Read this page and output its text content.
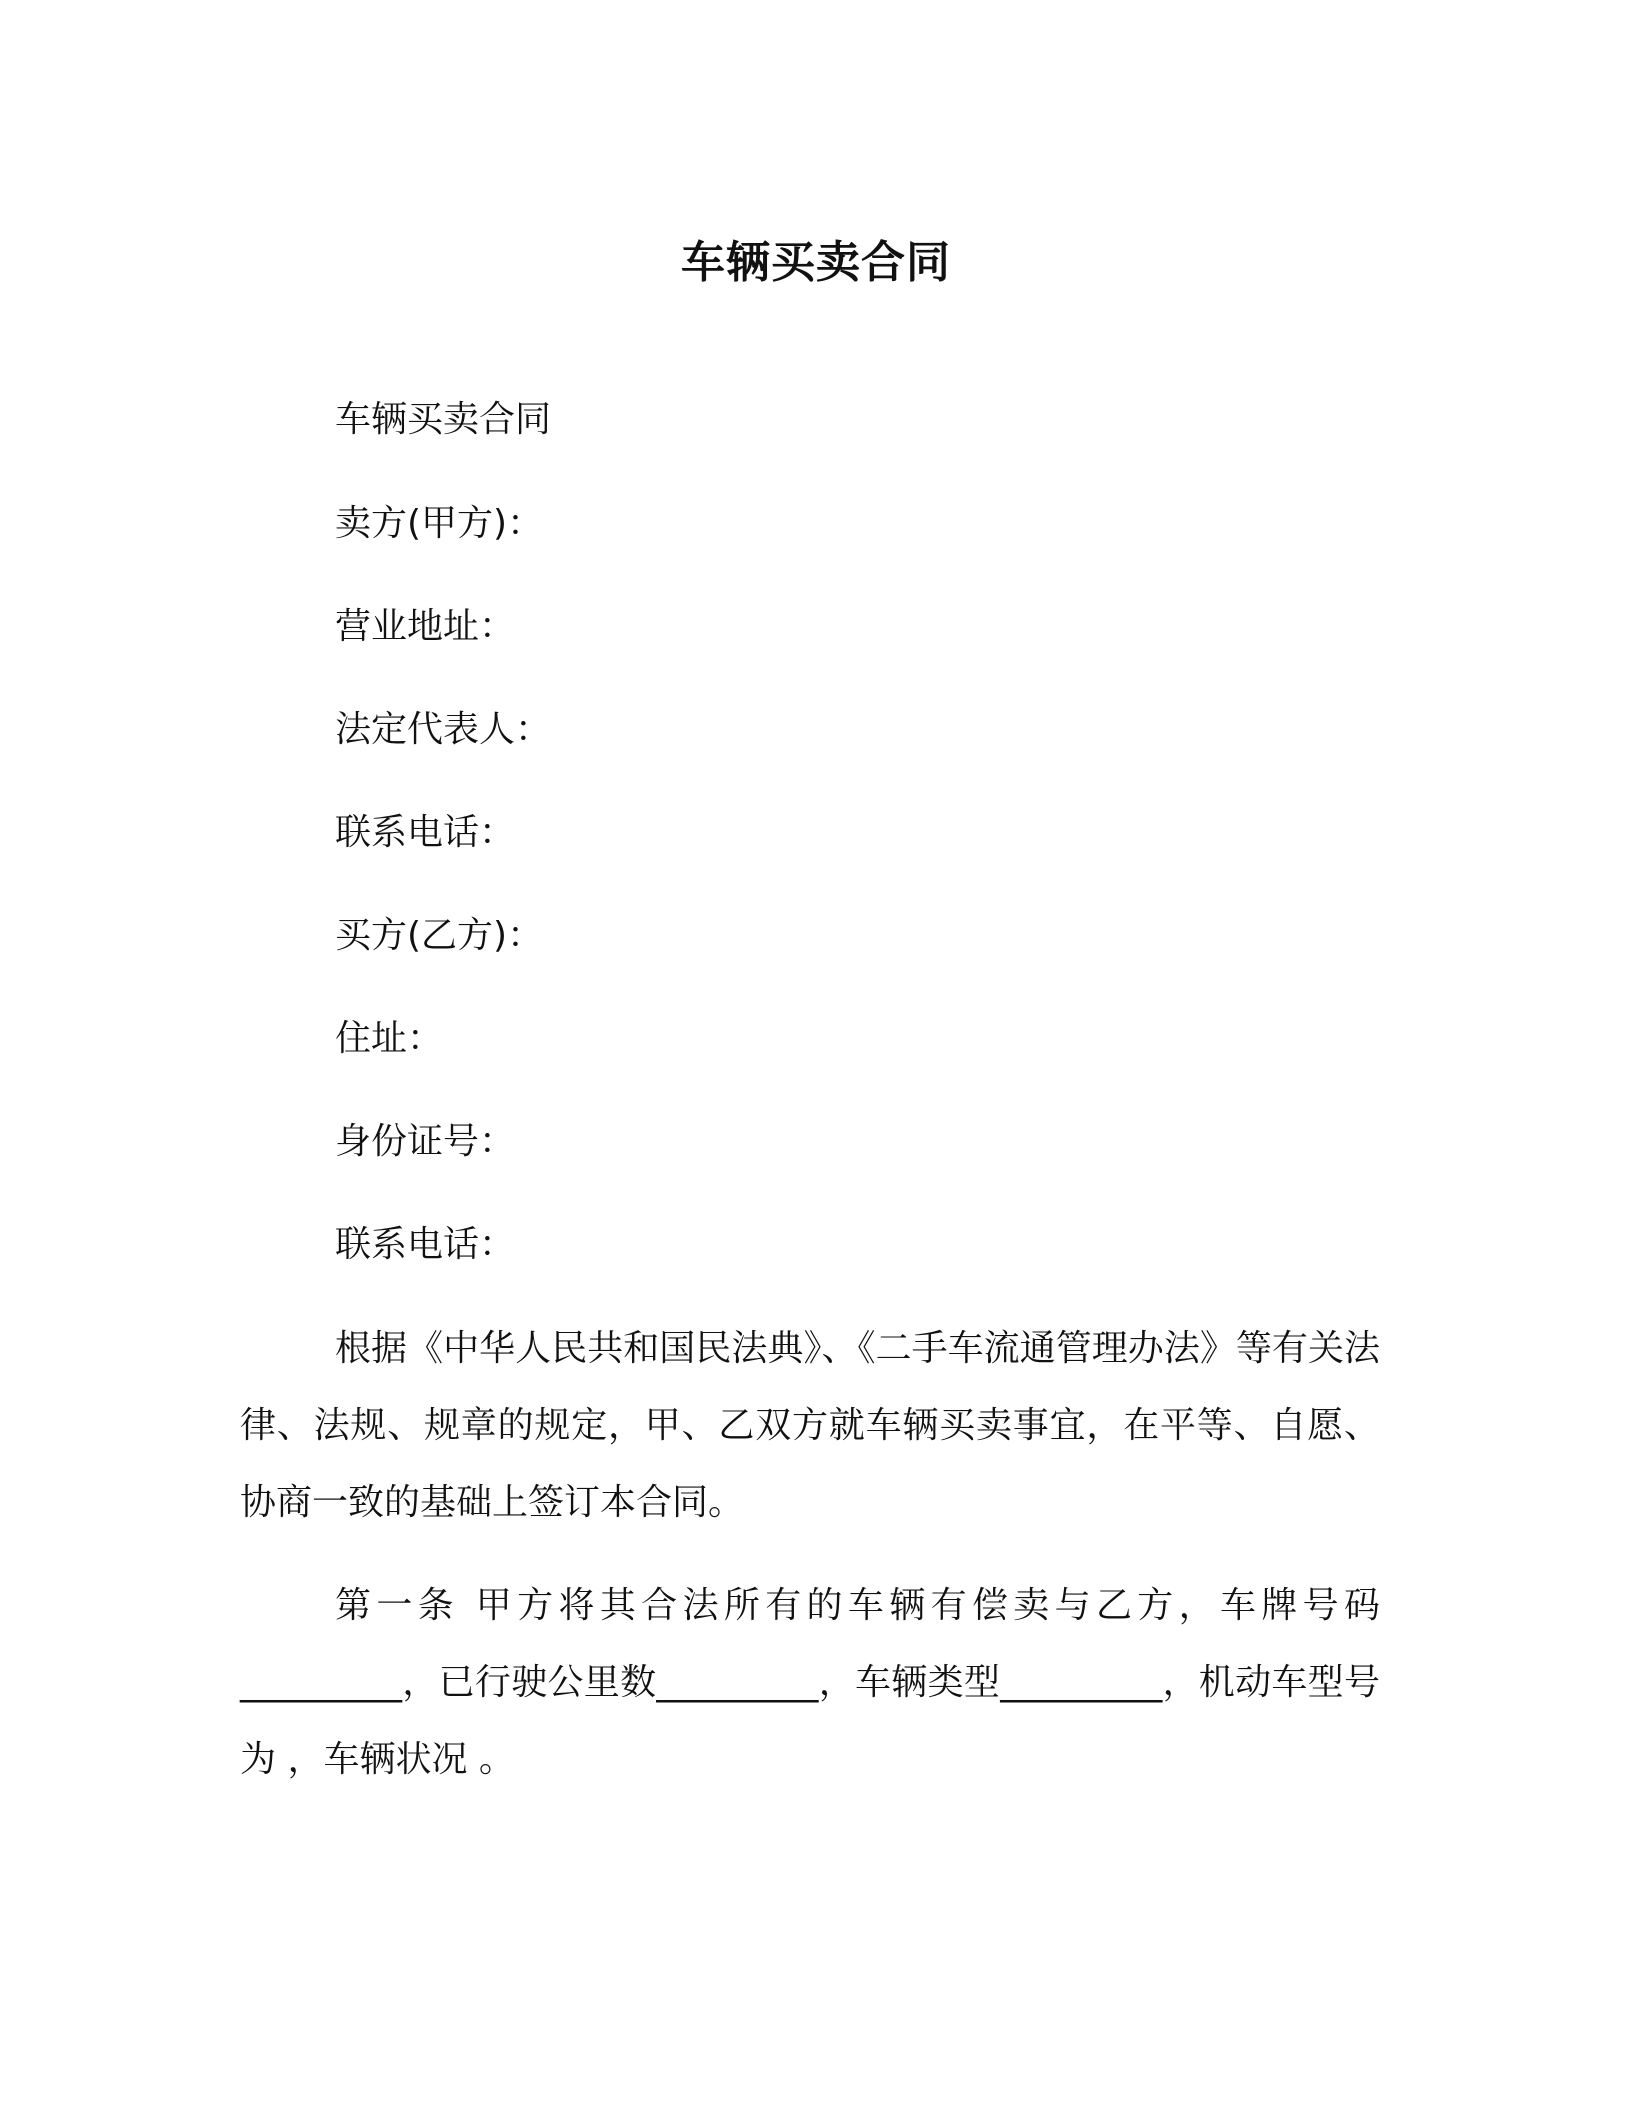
车辆买卖合同
车辆买卖合同
卖方(甲方)：
营业地址：
法定代表人：
联系电话：
买方(乙方)：
住址：
身份证号：
联系电话：
根据《中华人民共和国民法典》、《二手车流通管理办法》等有关法律、法规、规章的规定，甲、乙双方就车辆买卖事宜，在平等、自愿、协商一致的基础上签订本合同。
第一条 甲方将其合法所有的车辆有偿卖与乙方，车牌号码_________，已行驶公里数_________，车辆类型_________，机动车型号为 ，车辆状况 。
